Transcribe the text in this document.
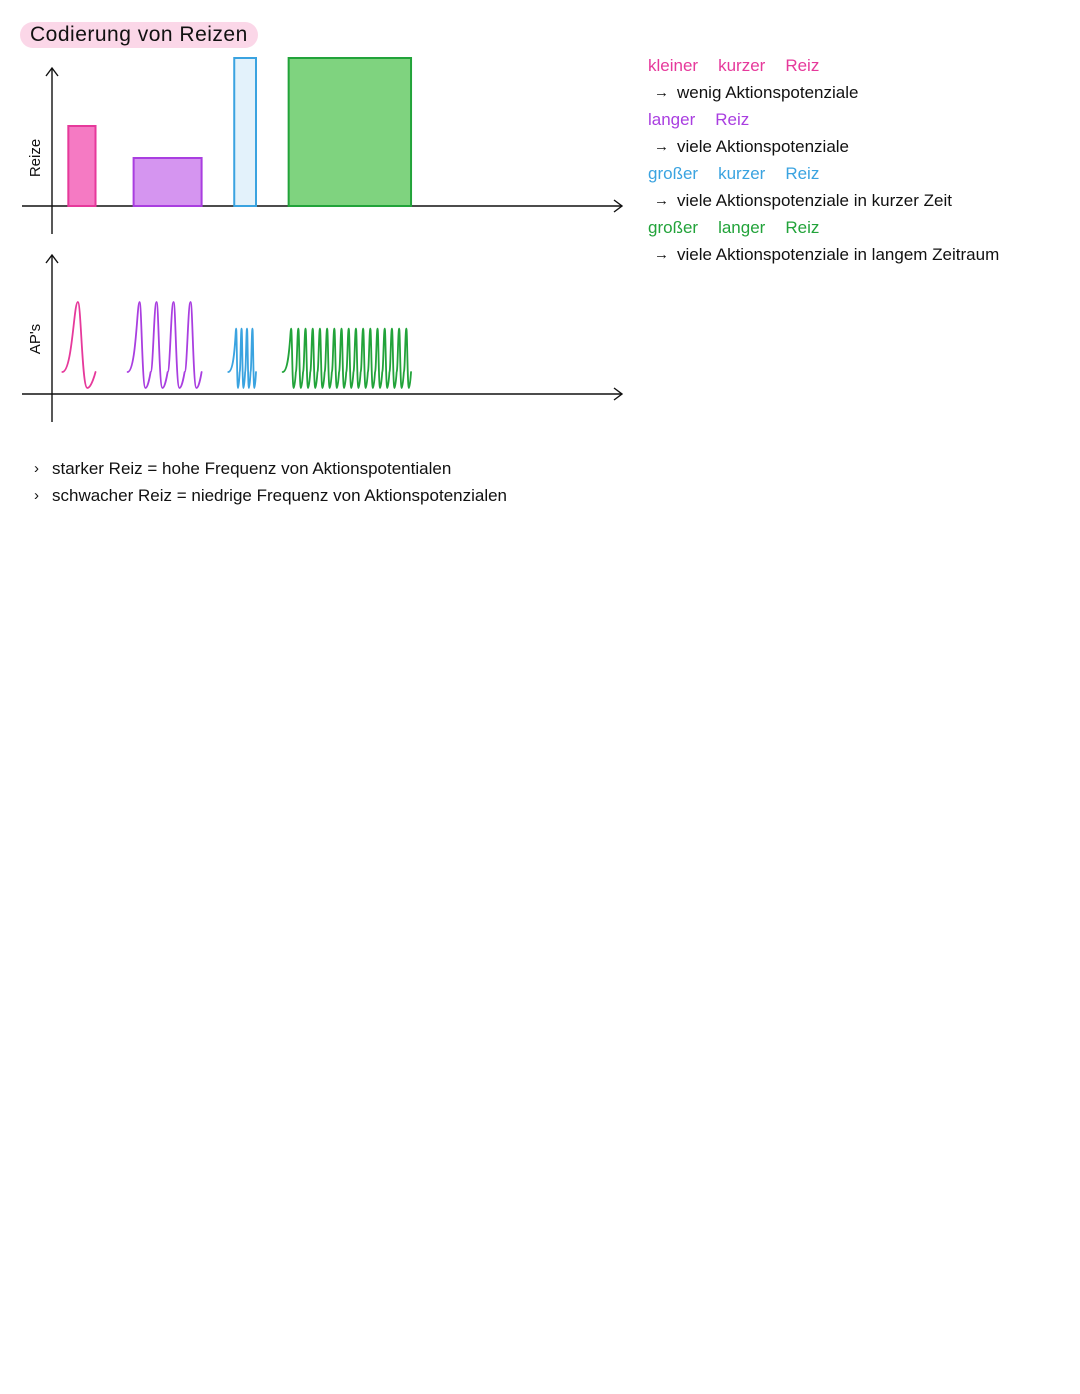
Codierung von Reizen
Reize
AP's
kleiner kurzer Reiz
→ wenig Aktionspotenziale
langer Reiz
→ viele Aktionspotenziale
großer kurzer Reiz
→ viele Aktionspotenziale in kurzer Zeit
großer langer Reiz
→ viele Aktionspotenziale in langem Zeitraum
› starker Reiz = hohe Frequenz von Aktionspotentialen
› schwacher Reiz = niedrige Frequenz von Aktionspotenzialen
